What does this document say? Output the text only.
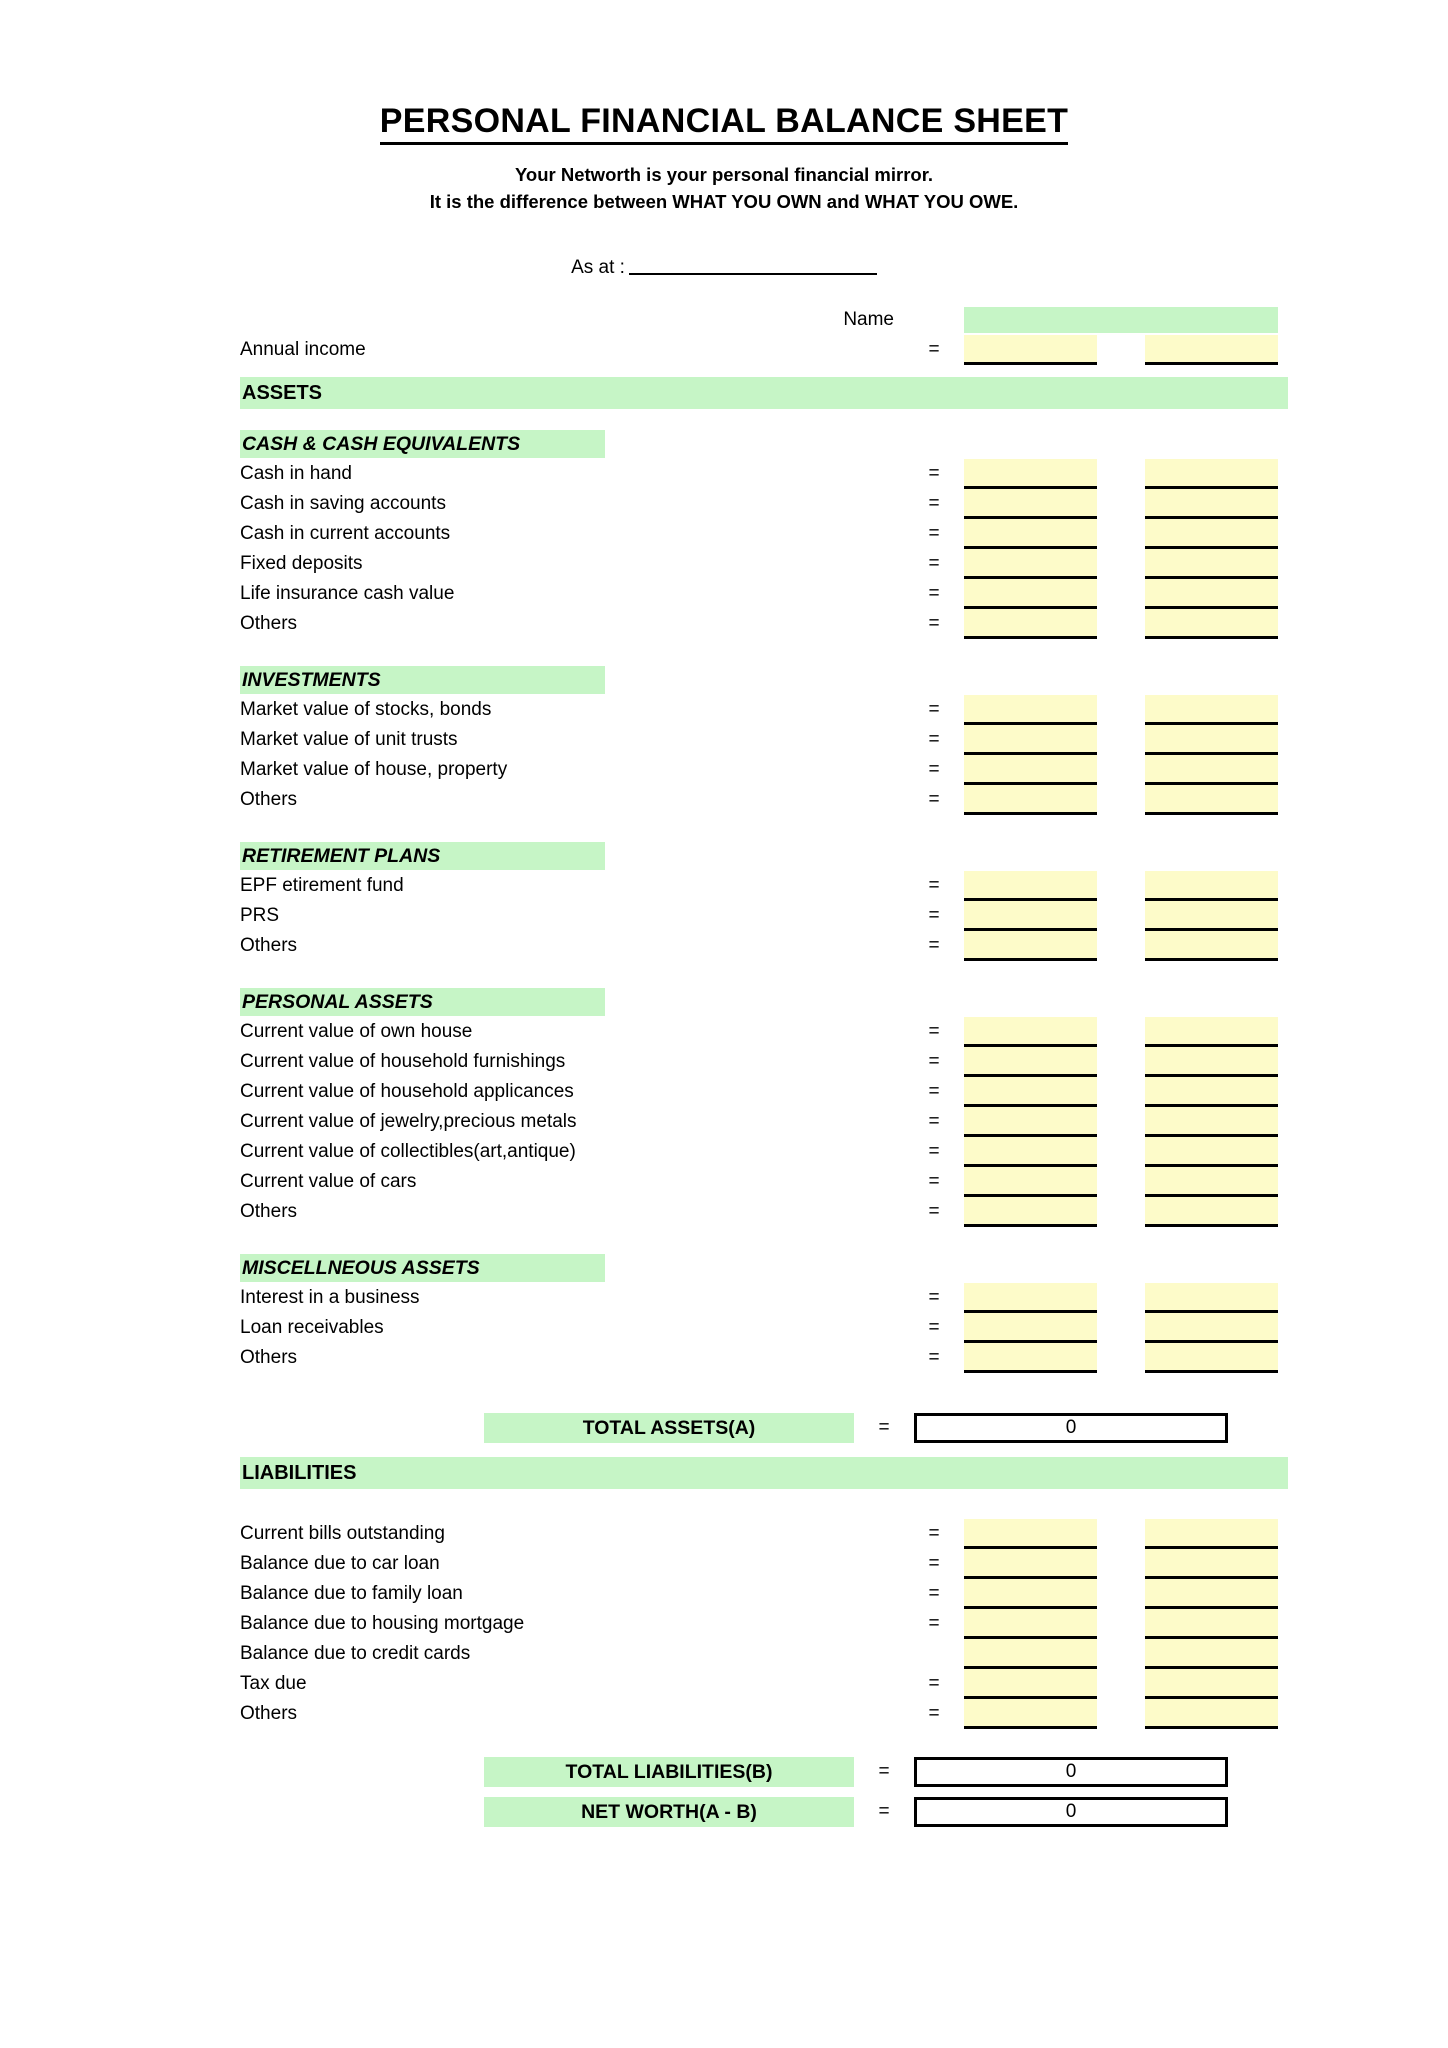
PERSONAL FINANCIAL BALANCE SHEET
Your Networth is your personal financial mirror.
It is the difference between WHAT YOU OWN and WHAT YOU OWE.
As at :
Name
Annual income	=
ASSETS
CASH & CASH EQUIVALENTS
Cash in hand	=
Cash in saving accounts	=
Cash in current accounts	=
Fixed deposits	=
Life insurance cash value	=
Others	=
INVESTMENTS
Market value of stocks, bonds	=
Market value of unit trusts	=
Market value of house, property	=
Others	=
RETIREMENT PLANS
EPF etirement fund	=
PRS	=
Others	=
PERSONAL ASSETS
Current value of own house	=
Current value of household furnishings	=
Current value of household applicances	=
Current value of jewelry,precious metals	=
Current value of collectibles(art,antique)	=
Current value of cars	=
Others	=
MISCELLNEOUS ASSETS
Interest in a business	=
Loan receivables	=
Others	=
TOTAL ASSETS(A)	=	0
LIABILITIES
Current bills outstanding	=
Balance due to car loan	=
Balance due to family loan	=
Balance due to housing mortgage	=
Balance due to credit cards
Tax due	=
Others	=
TOTAL LIABILITIES(B)	=	0
NET WORTH(A - B)	=	0
